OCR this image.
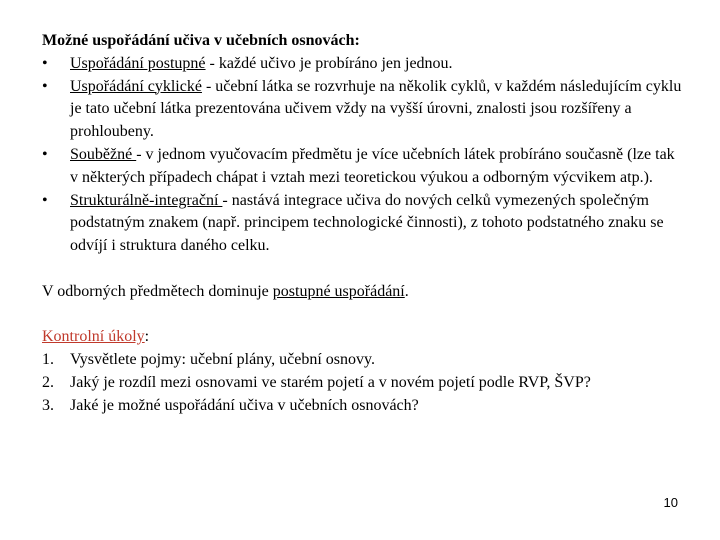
Možné uspořádání učiva v učebních osnovách:
•	Uspořádání postupné - každé učivo je probíráno jen jednou.
•	Uspořádání cyklické - učební látka se rozvrhuje na několik cyklů, v každém následujícím cyklu je tato učební látka prezentována učivem vždy na vyšší úrovni, znalosti jsou rozšířeny a prohloubeny.
•	Souběžné - v jednom vyučovacím předmětu je více učebních látek probíráno současně (lze tak v některých případech chápat i vztah mezi teoretickou výukou a odborným výcvikem atp.).
•	Strukturálně-integrační - nastává integrace učiva do nových celků vymezených společným podstatným znakem (např. principem technologické činnosti), z tohoto podstatného znaku se odvíjí i struktura daného celku.
V odborných předmětech dominuje postupné uspořádání.
Kontrolní úkoly:
1. Vysvětlete pojmy: učební plány, učební osnovy.
2. Jaký je rozdíl mezi osnovami ve starém pojetí a v novém pojetí podle RVP, ŠVP?
3. Jaké je možné uspořádání učiva v učebních osnovách?
10
